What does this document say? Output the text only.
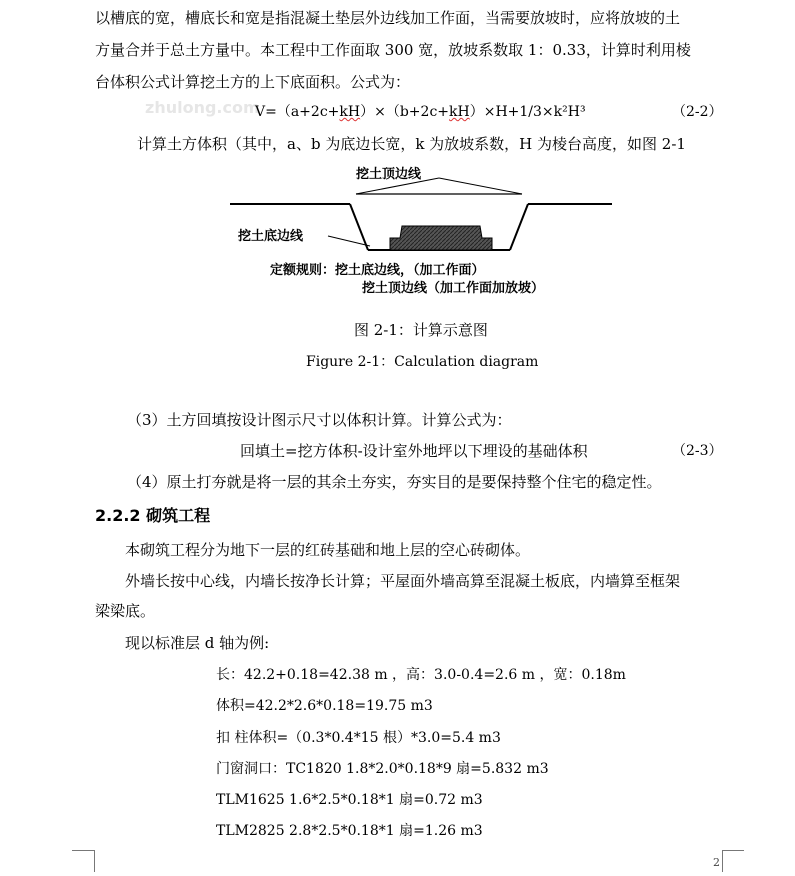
以槽底的宽，槽底长和宽是指混凝土垫层外边线加工作面，当需要放坡时，应将放坡的土
方量合并于总土方量中。本工程中工作面取 300 宽，放坡系数取 1：0.33，计算时利用棱
台体积公式计算挖土方的上下底面积。公式为：
zhulong.com
V=（a+2c+kH）×（b+2c+kH）×H+1/3×k²H³	（2-2）
计算土方体积（其中，a、b 为底边长宽，k 为放坡系数，H 为棱台高度，如图 2-1
挖土顶边线
挖土底边线
定额规则：挖土底边线，（加工作面）
挖土顶边线（加工作面加放坡）
图 2-1：计算示意图
Figure 2-1：Calculation diagram
（3）土方回填按设计图示尺寸以体积计算。计算公式为：
回填土=挖方体积-设计室外地坪以下埋设的基础体积	（2-3）
（4）原土打夯就是将一层的其余土夯实，夯实目的是要保持整个住宅的稳定性。
2.2.2 砌筑工程
本砌筑工程分为地下一层的红砖基础和地上层的空心砖砌体。
外墙长按中心线，内墙长按净长计算；平屋面外墙高算至混凝土板底，内墙算至框架
梁梁底。
现以标准层 d 轴为例:
长：42.2+0.18=42.38 m ，高：3.0-0.4=2.6 m ，宽：0.18m
体积=42.2*2.6*0.18=19.75 m3
扣 柱体积=（0.3*0.4*15 根）*3.0=5.4 m3
门窗洞口：TC1820 1.8*2.0*0.18*9 扇=5.832 m3
TLM1625 1.6*2.5*0.18*1 扇=0.72 m3
TLM2825 2.8*2.5*0.18*1 扇=1.26 m3
2
